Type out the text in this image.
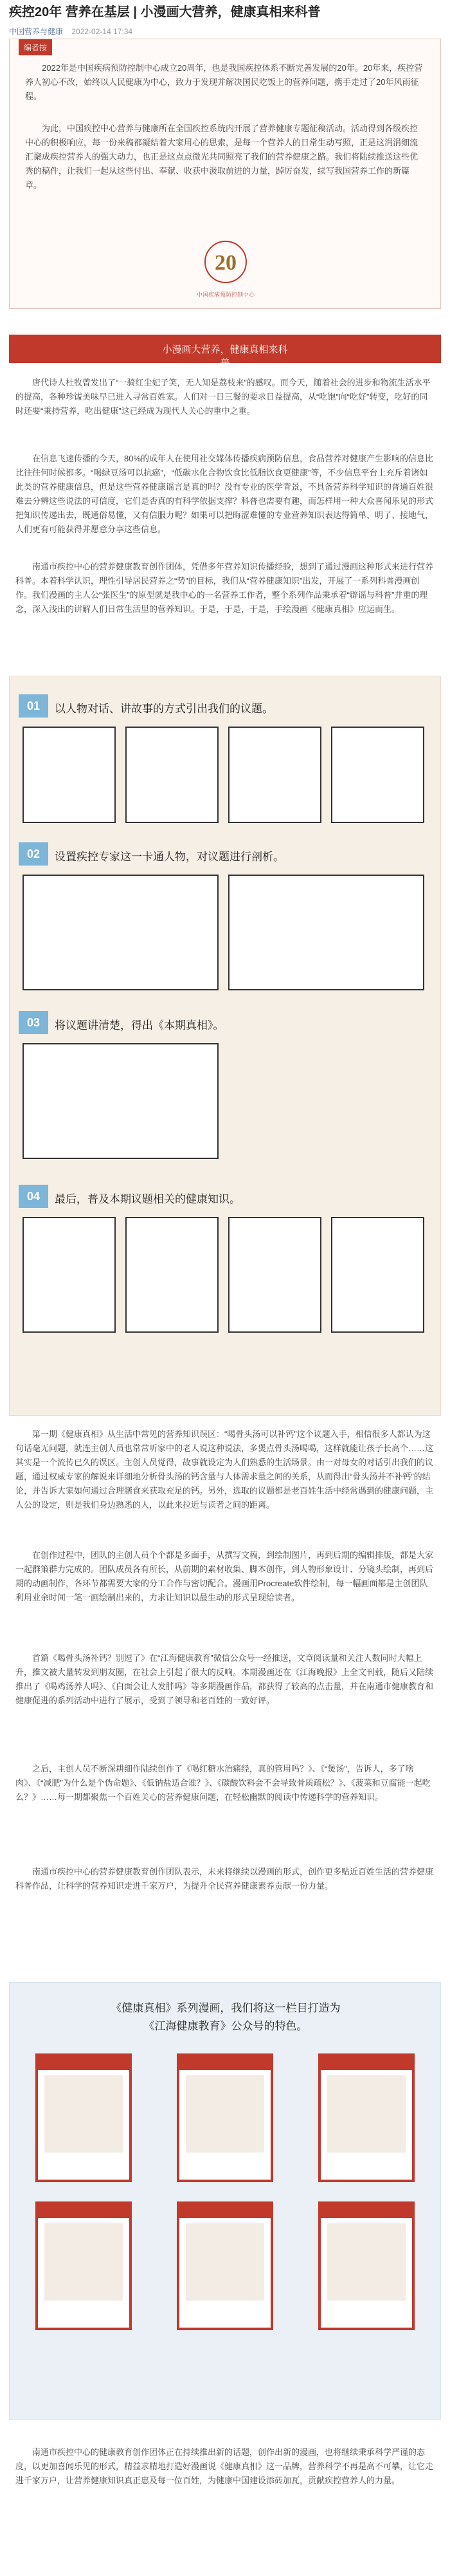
疾控20年 营养在基层 | 小漫画大营养，健康真相来科普
中国营养与健康 2022-02-14 17:34
编者按

2022年是中国疾病预防控制中心成立20周年，也是我国疾控体系不断完善发展的20年。20年来，疾控营养人初心不改，始终以人民健康为中心，致力于发现并解决国民吃饭上的营养问题，携手走过了20年风雨征程。

为此，中国疾控中心营养与健康所在全国疾控系统内开展了营养健康专题征稿活动。活动得到各级疾控中心的积极响应，每一份来稿都凝结着大家用心的思索，是每一个营养人的日常生动写照，正是这涓涓细流汇聚成疾控营养人的强大动力，也正是这点点微光共同照亮了我们的营养健康之路。我们将陆续推送这些优秀的稿件，让我们一起从这些付出、奉献、收获中汲取前进的力量，踔厉奋发，续写我国营养工作的新篇章。

20
中国疾病预防控制中心
小漫画大营养，健康真相来科普

唐代诗人杜牧曾发出了“一骑红尘妃子笑，无人知是荔枝来”的感叹。而今天，随着社会的进步和物流生活水平的提高，各种珍馐美味早已进入寻常百姓家。人们对一日三餐的要求日益提高，从“吃饱”向“吃好”转变，吃好的同时还要“秉持营养，吃出健康”这已经成为现代人关心的重中之重。

在信息飞速传播的今天，80%的成年人在使用社交媒体传播疾病预防信息，食品营养对健康产生影响的信息比比往往何时候都多。“喝绿豆汤可以抗癌”，“低碳水化合物饮食比低脂饮食更健康”等，不少信息平台上充斥着诸如此类的营养健康信息，但是这些营养健康谣言是真的吗？没有专业的医学背景，不具备营养科学知识的普通百姓很难去分辨这些说法的可信度，它们是否真的有科学依据支撑？科普也需要有趣，而怎样用一种大众喜闻乐见的形式把知识传递出去，既通俗易懂，又有信服力呢？如果可以把晦涩难懂的专业营养知识表达得简单、明了、接地气，人们更有可能获得并愿意分享这些信息。

南通市疾控中心的营养健康教育创作团体，凭借多年营养知识传播经验，想到了通过漫画这种形式来进行营养科普。本着科学认识，理性引导居民营养之“势”的目标，我们从“营养健康知识”出发，开展了一系列科普漫画创作。我们漫画的主人公“张医生”的原型就是我中心的一名营养工作者，整个系列作品秉承着“辟谣与科普”并重的理念，深入浅出的讲解人们日常生活里的营养知识。于是，于是，于是，手绘漫画《健康真相》应运而生。

01	以人物对话、讲故事的方式引出我们的议题。
02	设置疾控专家这一卡通人物，对议题进行剖析。
03	将议题讲清楚，得出《本期真相》。
04	最后，普及本期议题相关的健康知识。

第一期《健康真相》从生活中常见的营养知识误区：“喝骨头汤可以补钙”这个议题入手，相信很多人都认为这句话毫无问题，就连主创人员也常常听家中的老人说这种说法，多煲点骨头汤喝喝，这样就能让孩子长高个……这其实是一个流传已久的误区。主创人员觉得，故事就设定为人们熟悉的生活场景。由一对母女的对话引出我们的议题，通过权威专家的解说来详细地分析骨头汤的钙含量与人体需求量之间的关系，从而得出“骨头汤并不补钙”的结论，并告诉大家如何通过合理膳食来获取充足的钙。另外，选取的议题都是老百姓生活中经常遇到的健康问题，主人公的设定，则是我们身边熟悉的人，以此来拉近与读者之间的距离。

在创作过程中，团队的主创人员个个都是多面手，从撰写文稿，到绘制图片，再到后期的编辑排版，都是大家一起群策群力完成的。团队成员各有所长，从前期的素材收集、脚本创作，到人物形象设计、分镜头绘制，再到后期的动画制作，各环节都需要大家的分工合作与密切配合。漫画用Procreate软件绘制，每一幅画面都是主创团队利用业余时间一笔一画绘制出来的，力求让知识以最生动的形式呈现给读者。

首篇《喝骨头汤补钙？别逗了》在“江海健康教育”微信公众号一经推送，文章阅读量和关注人数同时大幅上升，推文被大量转发到朋友圈，在社会上引起了很大的反响。本期漫画还在《江海晚报》上全文刊载，随后又陆续推出了《喝鸡汤养人吗》、《白面会让人发胖吗》等多期漫画作品，都获得了较高的点击量，并在南通市健康教育和健康促进的系列活动中进行了展示，受到了领导和老百姓的一致好评。

之后，主创人员不断深耕细作陆续创作了《喝红糖水治痛经，真的管用吗？》、《“煲汤”，告诉人，多了啥肉》、《“减肥”为什么是个伪命题》、《低钠盐适合谁？》、《碳酸饮料会不会导致骨质疏松？》、《菠菜和豆腐能一起吃么？》……每一期都聚焦一个百姓关心的营养健康问题，在轻松幽默的阅读中传递科学的营养知识。

南通市疾控中心的营养健康教育创作团队表示，未来将继续以漫画的形式，创作更多贴近百姓生活的营养健康科普作品，让科学的营养知识走进千家万户，为提升全民营养健康素养贡献一份力量。

《健康真相》系列漫画，我们将这一栏目打造为
《江海健康教育》公众号的特色。

南通市疾控中心的健康教育创作团体正在持续推出新的话题，创作出新的漫画，也将继续秉承科学严谨的态度，以更加喜闻乐见的形式，精益求精地打造好漫画说《健康真相》这一品牌，营养科学不再是高不可攀，让它走进千家万户，让营养健康知识真正惠及每一位百姓，为健康中国建设添砖加瓦，贡献疾控营养人的力量。
